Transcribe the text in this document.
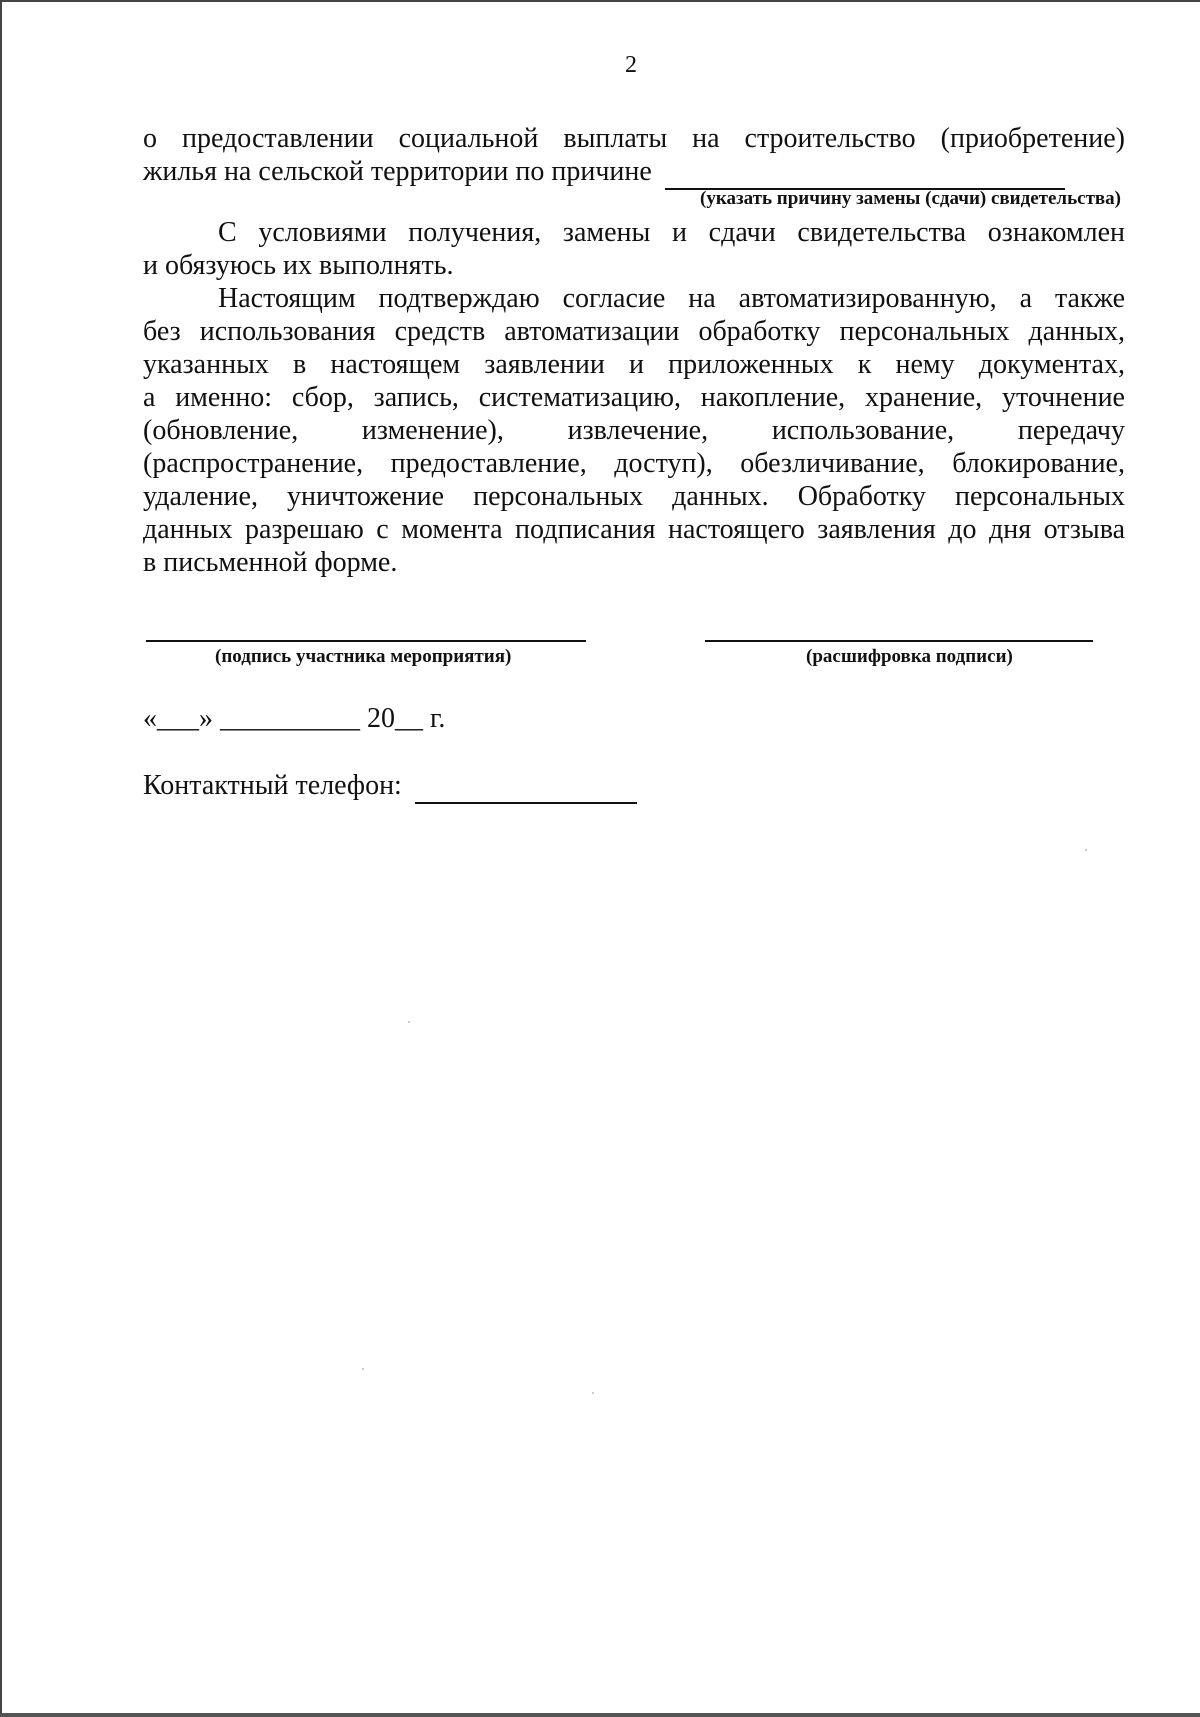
2
о предоставлении социальной выплаты на строительство (приобретение)
жилья на сельской территории по причине
(указать причину замены (сдачи) свидетельства)
С условиями получения, замены и сдачи свидетельства ознакомлен
и обязуюсь их выполнять.
Настоящим подтверждаю согласие на автоматизированную, а также
без использования средств автоматизации обработку персональных данных,
указанных в настоящем заявлении и приложенных к нему документах,
а именно: сбор, запись, систематизацию, накопление, хранение, уточнение
(обновление, изменение), извлечение, использование, передачу
(распространение, предоставление, доступ), обезличивание, блокирование,
удаление, уничтожение персональных данных. Обработку персональных
данных разрешаю с момента подписания настоящего заявления до дня отзыва
в письменной форме.
(подпись участника мероприятия)	(расшифровка подписи)
«___» __________ 20__ г.
Контактный телефон:
